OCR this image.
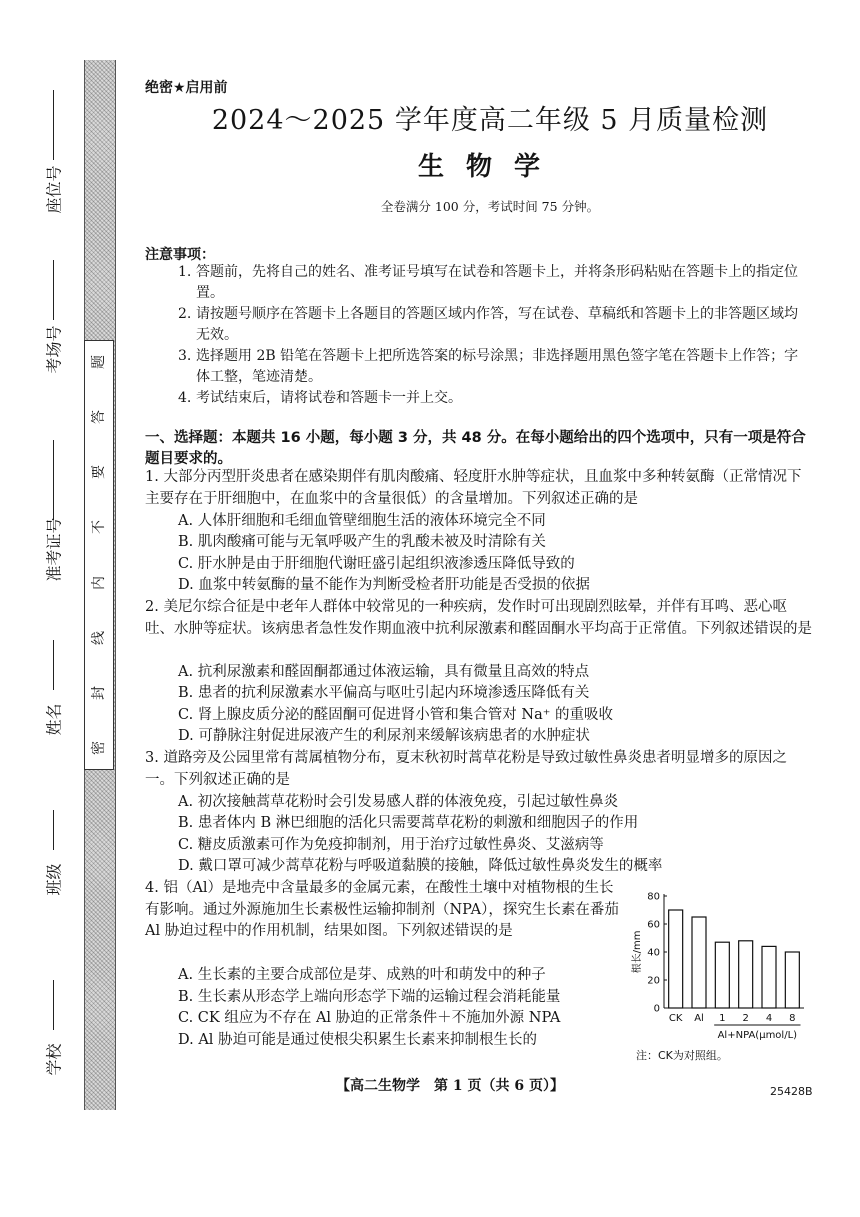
题
答
要
不
内
线
封
密
座位号
考场号
准考证号
姓名
班级
学校
绝密★启用前
2024～2025 学年度高二年级 5 月质量检测
生物学
全卷满分 100 分，考试时间 75 分钟。
注意事项：
1. 答题前，先将自己的姓名、准考证号填写在试卷和答题卡上，并将条形码粘贴在答题卡上的指定位置。
2. 请按题号顺序在答题卡上各题目的答题区域内作答，写在试卷、草稿纸和答题卡上的非答题区域均无效。
3. 选择题用 2B 铅笔在答题卡上把所选答案的标号涂黑；非选择题用黑色签字笔在答题卡上作答；字体工整，笔迹清楚。
4. 考试结束后，请将试卷和答题卡一并上交。
一、选择题：本题共 16 小题，每小题 3 分，共 48 分。在每小题给出的四个选项中，只有一项是符合题目要求的。
1. 大部分丙型肝炎患者在感染期伴有肌肉酸痛、轻度肝水肿等症状，且血浆中多种转氨酶（正常情况下主要存在于肝细胞中，在血浆中的含量很低）的含量增加。下列叙述正确的是
A. 人体肝细胞和毛细血管壁细胞生活的液体环境完全不同
B. 肌肉酸痛可能与无氧呼吸产生的乳酸未被及时清除有关
C. 肝水肿是由于肝细胞代谢旺盛引起组织液渗透压降低导致的
D. 血浆中转氨酶的量不能作为判断受检者肝功能是否受损的依据
2. 美尼尔综合征是中老年人群体中较常见的一种疾病，发作时可出现剧烈眩晕，并伴有耳鸣、恶心呕吐、水肿等症状。该病患者急性发作期血液中抗利尿激素和醛固酮水平均高于正常值。下列叙述错误的是
A. 抗利尿激素和醛固酮都通过体液运输，具有微量且高效的特点
B. 患者的抗利尿激素水平偏高与呕吐引起内环境渗透压降低有关
C. 肾上腺皮质分泌的醛固酮可促进肾小管和集合管对 Na⁺ 的重吸收
D. 可静脉注射促进尿液产生的利尿剂来缓解该病患者的水肿症状
3. 道路旁及公园里常有蒿属植物分布，夏末秋初时蒿草花粉是导致过敏性鼻炎患者明显增多的原因之一。下列叙述正确的是
A. 初次接触蒿草花粉时会引发易感人群的体液免疫，引起过敏性鼻炎
B. 患者体内 B 淋巴细胞的活化只需要蒿草花粉的刺激和细胞因子的作用
C. 糖皮质激素可作为免疫抑制剂，用于治疗过敏性鼻炎、艾滋病等
D. 戴口罩可减少蒿草花粉与呼吸道黏膜的接触，降低过敏性鼻炎发生的概率
4. 铝（Al）是地壳中含量最多的金属元素，在酸性土壤中对植物根的生长有影响。通过外源施加生长素极性运输抑制剂（NPA），探究生长素在番茄 Al 胁迫过程中的作用机制，结果如图。下列叙述错误的是
A. 生长素的主要合成部位是芽、成熟的叶和萌发中的种子
B. 生长素从形态学上端向形态学下端的运输过程会消耗能量
C. CK 组应为不存在 Al 胁迫的正常条件＋不施加外源 NPA
D. Al 胁迫可能是通过使根尖积累生长素来抑制根生长的
0
20
40
60
80
根长/mm
CK Al 1 2 4 8
Al+NPA(μmol/L)
注：CK为对照组。
【高二生物学　第 1 页（共 6 页）】	25428B
